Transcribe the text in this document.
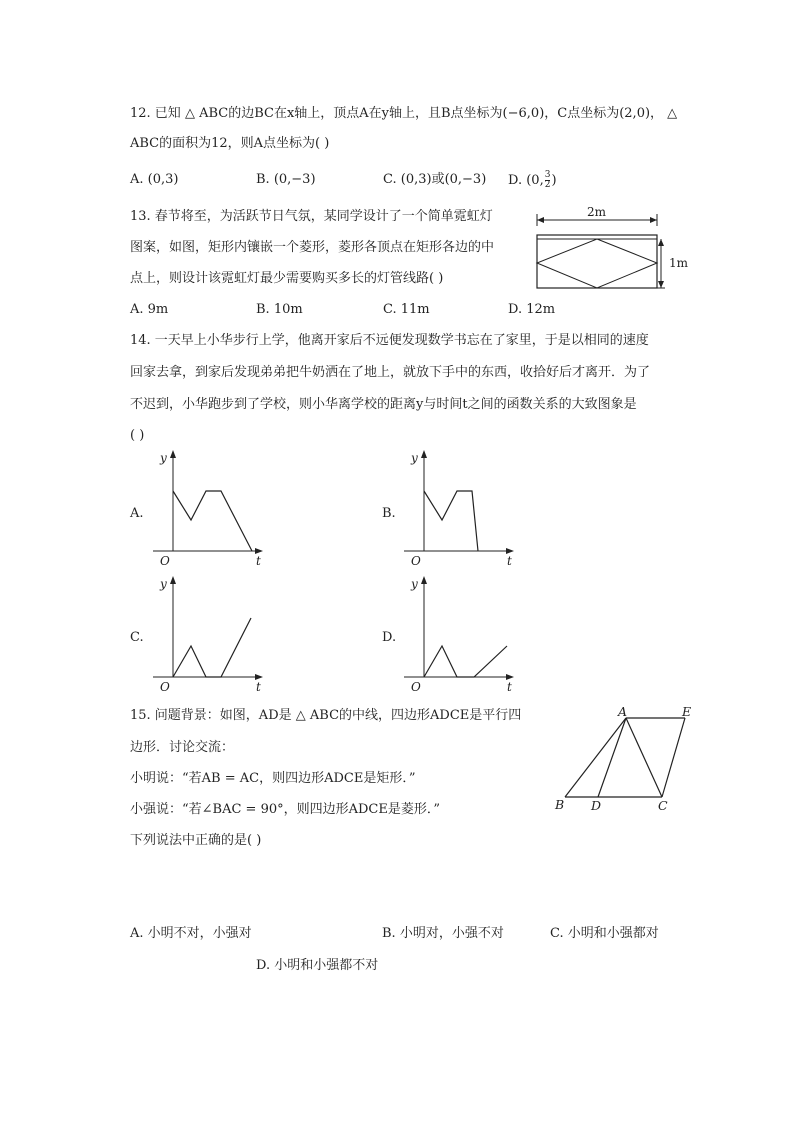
12. 已知 △ ABC的边BC在x轴上，顶点A在y轴上，且B点坐标为(−6,0)，C点坐标为(2,0)， △
ABC的面积为12，则A点坐标为( )
A. (0,3)	B. (0,−3)	C. (0,3)或(0,−3) D. (0, $\frac{3}{2}$ )
13. 春节将至，为活跃节日气氛，某同学设计了一个简单霓虹灯
图案，如图，矩形内镶嵌一个菱形，菱形各顶点在矩形各边的中
点上，则设计该霓虹灯最少需要购买多长的灯管线路( )
A. 9m	B. 10m	C. 11m	D. 12m
2m
1m
14. 一天早上小华步行上学，他离开家后不远便发现数学书忘在了家里，于是以相同的速度
回家去拿，到家后发现弟弟把牛奶洒在了地上，就放下手中的东西，收拾好后才离开．为了
不迟到，小华跑步到了学校，则小华离学校的距离y与时间t之间的函数关系的大致图象是
( )
A.
y
t
O
B.
y
t
O
C.
y
t
O
D.
y
t
O
15. 问题背景：如图，AD是 △ ABC的中线，四边形ADCE是平行四
边形．讨论交流：
小明说：“若AB = AC，则四边形ADCE是矩形．”
小强说：“若∠BAC = 90°，则四边形ADCE是菱形．”
下列说法中正确的是( )
A	E
B D	C
A. 小明不对，小强对	B. 小明对，小强不对	C. 小明和小强都对
D. 小明和小强都不对
